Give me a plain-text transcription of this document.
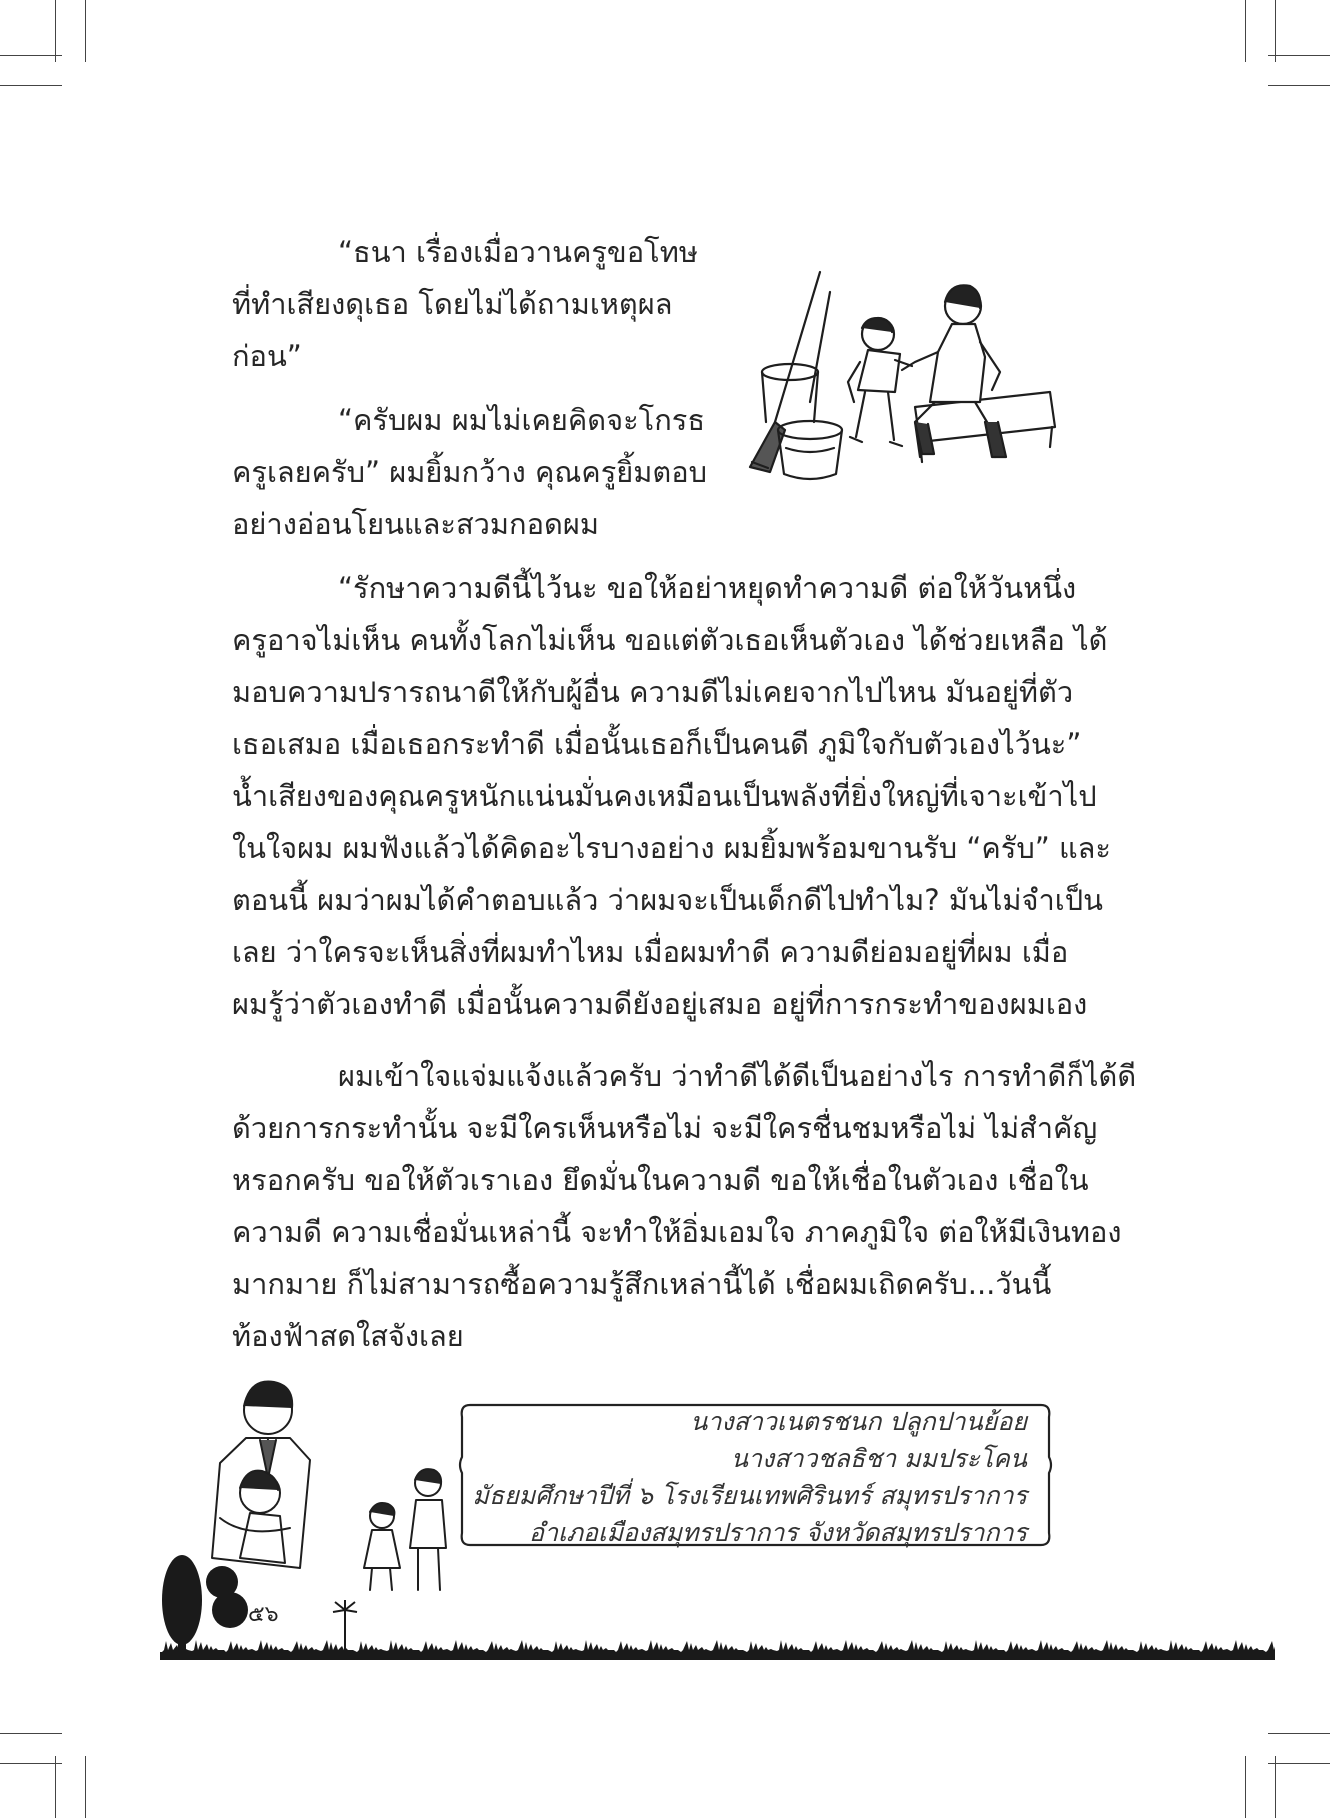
“ธนา เรื่องเมื่อวานครูขอโทษ
ที่ทำเสียงดุเธอ โดยไม่ได้ถามเหตุผล
ก่อน”
“ครับผม ผมไม่เคยคิดจะโกรธ
ครูเลยครับ” ผมยิ้มกว้าง คุณครูยิ้มตอบ
อย่างอ่อนโยนและสวมกอดผม
“รักษาความดีนี้ไว้นะ ขอให้อย่าหยุดทำความดี ต่อให้วันหนึ่ง
ครูอาจไม่เห็น คนทั้งโลกไม่เห็น ขอแต่ตัวเธอเห็นตัวเอง ได้ช่วยเหลือ ได้
มอบความปรารถนาดีให้กับผู้อื่น ความดีไม่เคยจากไปไหน มันอยู่ที่ตัว
เธอเสมอ เมื่อเธอกระทำดี เมื่อนั้นเธอก็เป็นคนดี ภูมิใจกับตัวเองไว้นะ”
น้ำเสียงของคุณครูหนักแน่นมั่นคงเหมือนเป็นพลังที่ยิ่งใหญ่ที่เจาะเข้าไป
ในใจผม ผมฟังแล้วได้คิดอะไรบางอย่าง ผมยิ้มพร้อมขานรับ “ครับ” และ
ตอนนี้ ผมว่าผมได้คำตอบแล้ว ว่าผมจะเป็นเด็กดีไปทำไม? มันไม่จำเป็น
เลย ว่าใครจะเห็นสิ่งที่ผมทำไหม เมื่อผมทำดี ความดีย่อมอยู่ที่ผม เมื่อ
ผมรู้ว่าตัวเองทำดี เมื่อนั้นความดียังอยู่เสมอ อยู่ที่การกระทำของผมเอง
ผมเข้าใจแจ่มแจ้งแล้วครับ ว่าทำดีได้ดีเป็นอย่างไร การทำดีก็ได้ดี
ด้วยการกระทำนั้น จะมีใครเห็นหรือไม่ จะมีใครชื่นชมหรือไม่ ไม่สำคัญ
หรอกครับ ขอให้ตัวเราเอง ยึดมั่นในความดี ขอให้เชื่อในตัวเอง เชื่อใน
ความดี ความเชื่อมั่นเหล่านี้ จะทำให้อิ่มเอมใจ ภาคภูมิใจ ต่อให้มีเงินทอง
มากมาย ก็ไม่สามารถซื้อความรู้สึกเหล่านี้ได้ เชื่อผมเถิดครับ...วันนี้
ท้องฟ้าสดใสจังเลย
นางสาวเนตรชนก ปลูกปานย้อย
นางสาวชลธิชา มมประโคน
มัธยมศึกษาปีที่ ๖ โรงเรียนเทพศิรินทร์ สมุทรปราการ
อำเภอเมืองสมุทรปราการ จังหวัดสมุทรปราการ
๕๖
